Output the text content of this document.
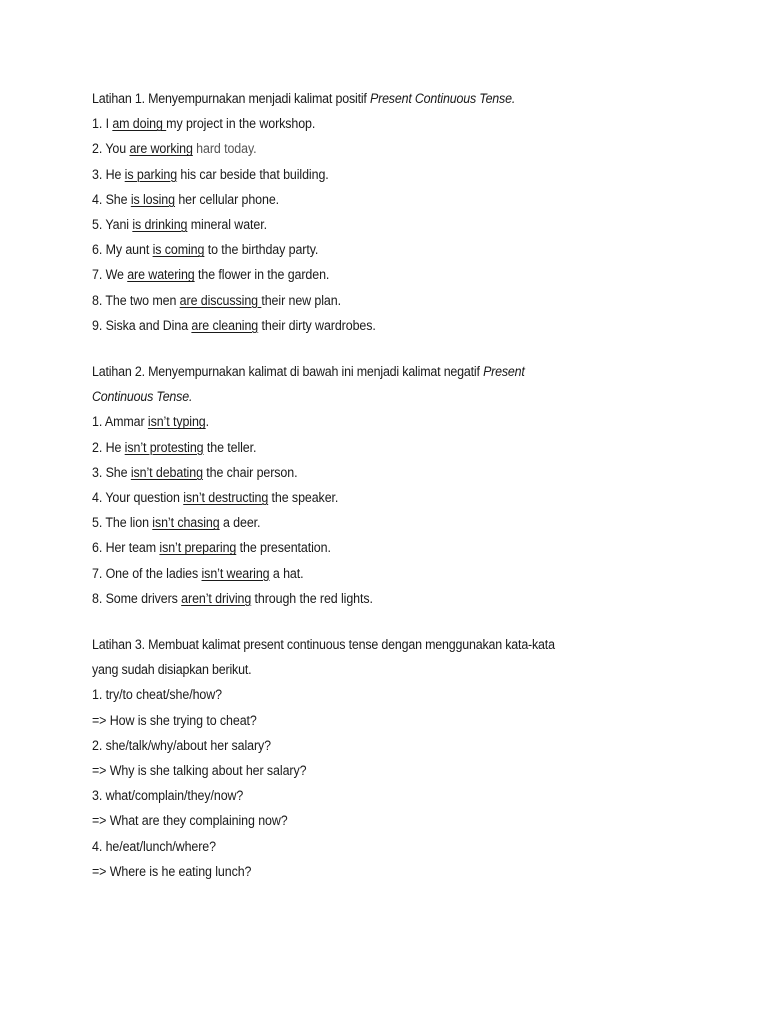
Latihan 1. Menyempurnakan menjadi kalimat positif Present Continuous Tense.

1. I am doing my project in the workshop.

2. You are working hard today.

3. He is parking his car beside that building.

4. She is losing her cellular phone.

5. Yani is drinking mineral water.

6. My aunt is coming to the birthday party.

7. We are watering the flower in the garden.

8. The two men are discussing their new plan.

9. Siska and Dina are cleaning their dirty wardrobes.

Latihan 2. Menyempurnakan kalimat di bawah ini menjadi kalimat negatif Present

Continuous Tense.

1. Ammar isn’t typing.

2. He isn’t protesting the teller.

3. She isn’t debating the chair person.

4. Your question isn’t destructing the speaker.

5. The lion isn’t chasing a deer.

6. Her team isn’t preparing the presentation.

7. One of the ladies isn’t wearing a hat.

8. Some drivers aren’t driving through the red lights.

Latihan 3. Membuat kalimat present continuous tense dengan menggunakan kata-kata

yang sudah disiapkan berikut.

1. try/to cheat/she/how?

=> How is she trying to cheat?

2. she/talk/why/about her salary?

=> Why is she talking about her salary?

3. what/complain/they/now?

=> What are they complaining now?

4. he/eat/lunch/where?

=> Where is he eating lunch?
